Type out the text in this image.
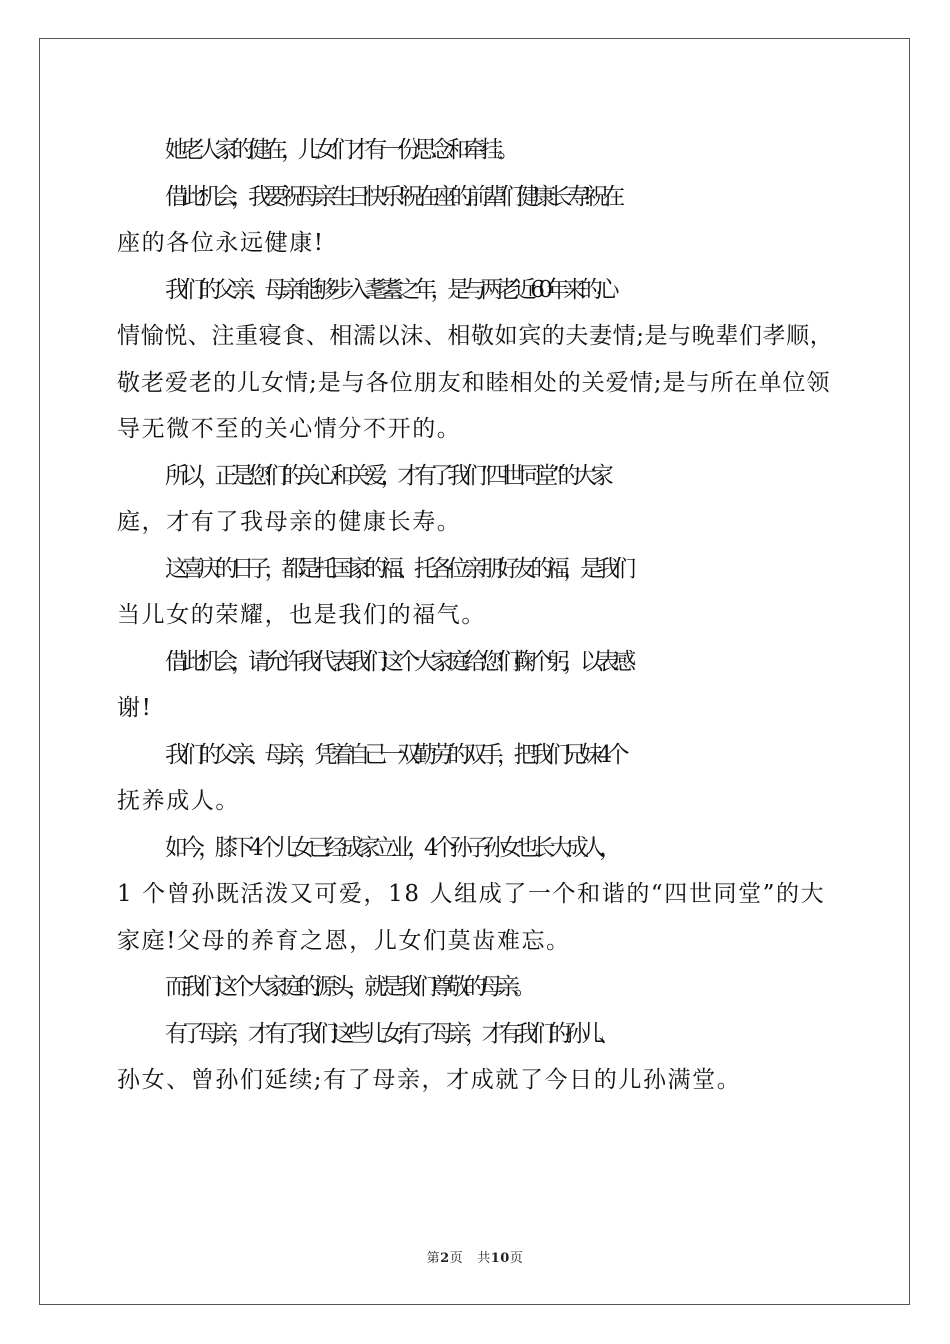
她老人家的健在，儿女们才有一份思念和牵挂。

借此机会，我要祝母亲生日快乐!祝在座的前辈们健康长寿!祝在
座的各位永远健康!

我们的父亲、母亲能够步入耄耋之年，是与两老近60年来的心
情愉悦、注重寝食、相濡以沫、相敬如宾的夫妻情;是与晚辈们孝顺，
敬老爱老的儿女情;是与各位朋友和睦相处的关爱情;是与所在单位领
导无微不至的关心情分不开的。

所以，正是您们的关心和关爱，才有了我们“四世同堂”的大家
庭，才有了我母亲的健康长寿。

这喜庆的日子，都是托国家的福、托各位亲朋好友的福，是我们
当儿女的荣耀，也是我们的福气。

借此机会，请允许我代表我们这个大家庭给您们鞠个躬，以表感
谢!

我们的父亲、母亲，凭着自己一双勤劳的双手，把我们兄妹 4 个
抚养成人。

如今，膝下 4 个儿女已经成家立业，4 个孙子孙女也长大成人，
1 个曾孙既活泼又可爱，18 人组成了一个和谐的“四世同堂”的大
家庭!父母的养育之恩，儿女们莫齿难忘。

而我们这个大家庭的源头，就是我们尊敬的母亲。

有了母亲，才有了我们这些儿女;有了母亲，才有我们的孙儿、
孙女、曾孙们延续;有了母亲，才成就了今日的儿孙满堂。

第2页 共10页
